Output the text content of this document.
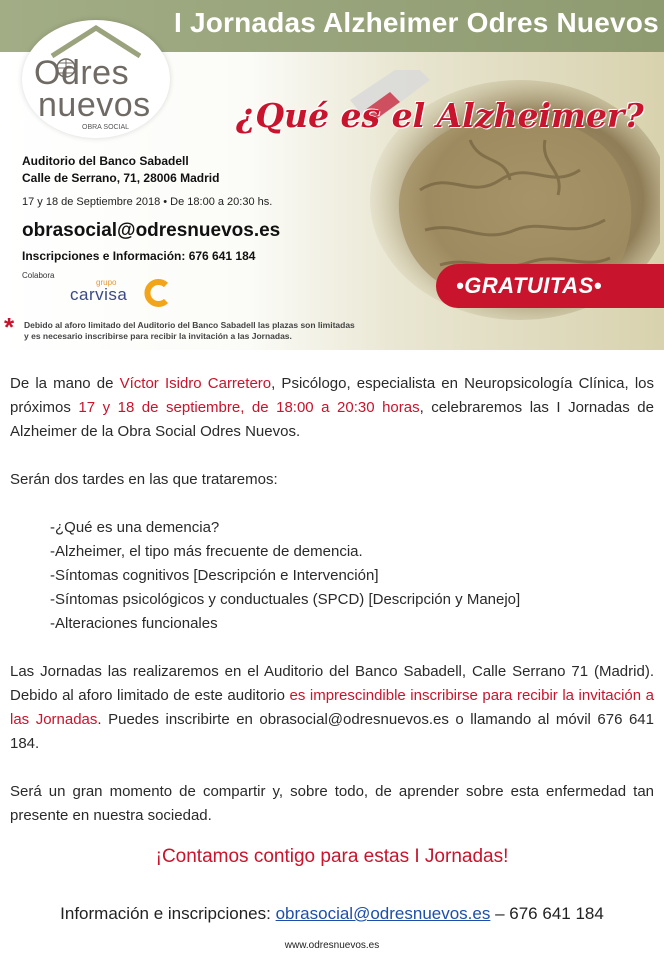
I Jornadas Alzheimer Odres Nuevos
Odres
nuevos
OBRA SOCIAL	¿Qué es el Alzheimer?
Auditorio del Banco Sabadell
Calle de Serrano, 71, 28006 Madrid
17 y 18 de Septiembre 2018 • De 18:00 a 20:30 hs.
obrasocial@odresnuevos.es
Inscripciones e Información: 676 641 184
Colabora
grupo
carvisa	•GRATUITAS•
* Debido al aforo limitado del Auditorio del Banco Sabadell las plazas son limitadas
y es necesario inscribirse para recibir la invitación a las Jornadas.

De la mano de Víctor Isidro Carretero, Psicólogo, especialista en Neuropsicología Clínica, los próximos 17 y 18 de septiembre, de 18:00 a 20:30 horas, celebraremos las I Jornadas de Alzheimer de la Obra Social Odres Nuevos.

Serán dos tardes en las que trataremos:

-¿Qué es una demencia?
-Alzheimer, el tipo más frecuente de demencia.
-Síntomas cognitivos [Descripción e Intervención]
-Síntomas psicológicos y conductuales (SPCD) [Descripción y Manejo]
-Alteraciones funcionales

Las Jornadas las realizaremos en el Auditorio del Banco Sabadell, Calle Serrano 71 (Madrid). Debido al aforo limitado de este auditorio es imprescindible inscribirse para recibir la invitación a las Jornadas. Puedes inscribirte en obrasocial@odresnuevos.es o llamando al móvil 676 641 184.

Será un gran momento de compartir y, sobre todo, de aprender sobre esta enfermedad tan presente en nuestra sociedad.

¡Contamos contigo para estas I Jornadas!
Información e inscripciones: obrasocial@odresnuevos.es – 676 641 184
www.odresnuevos.es
